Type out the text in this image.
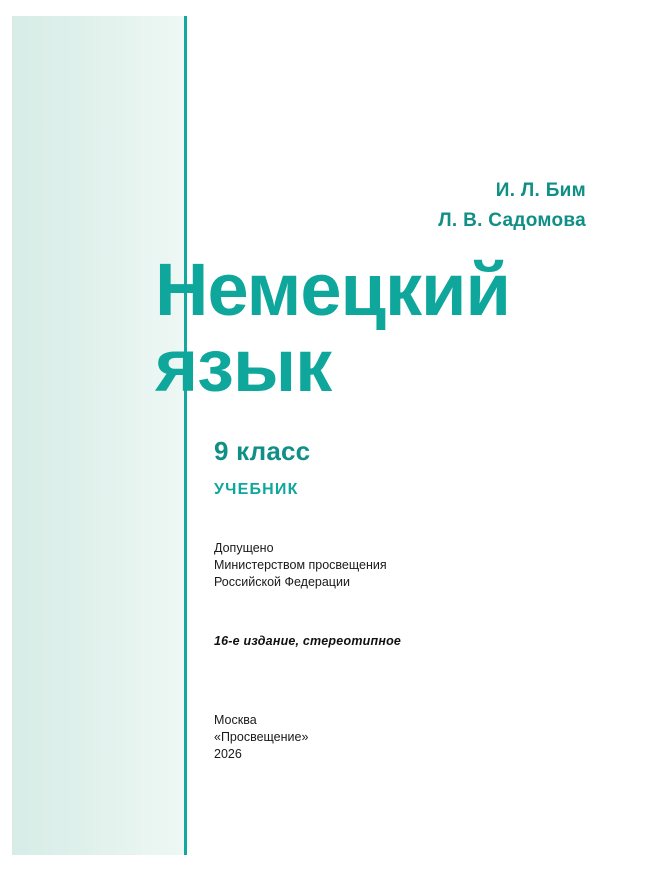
И. Л. Бим
Л. В. Садомова
Немецкий
язык
9 класс
УЧЕБНИК
Допущено
Министерством просвещения
Российской Федерации
16-е издание, стереотипное
Москва
«Просвещение»
2026
